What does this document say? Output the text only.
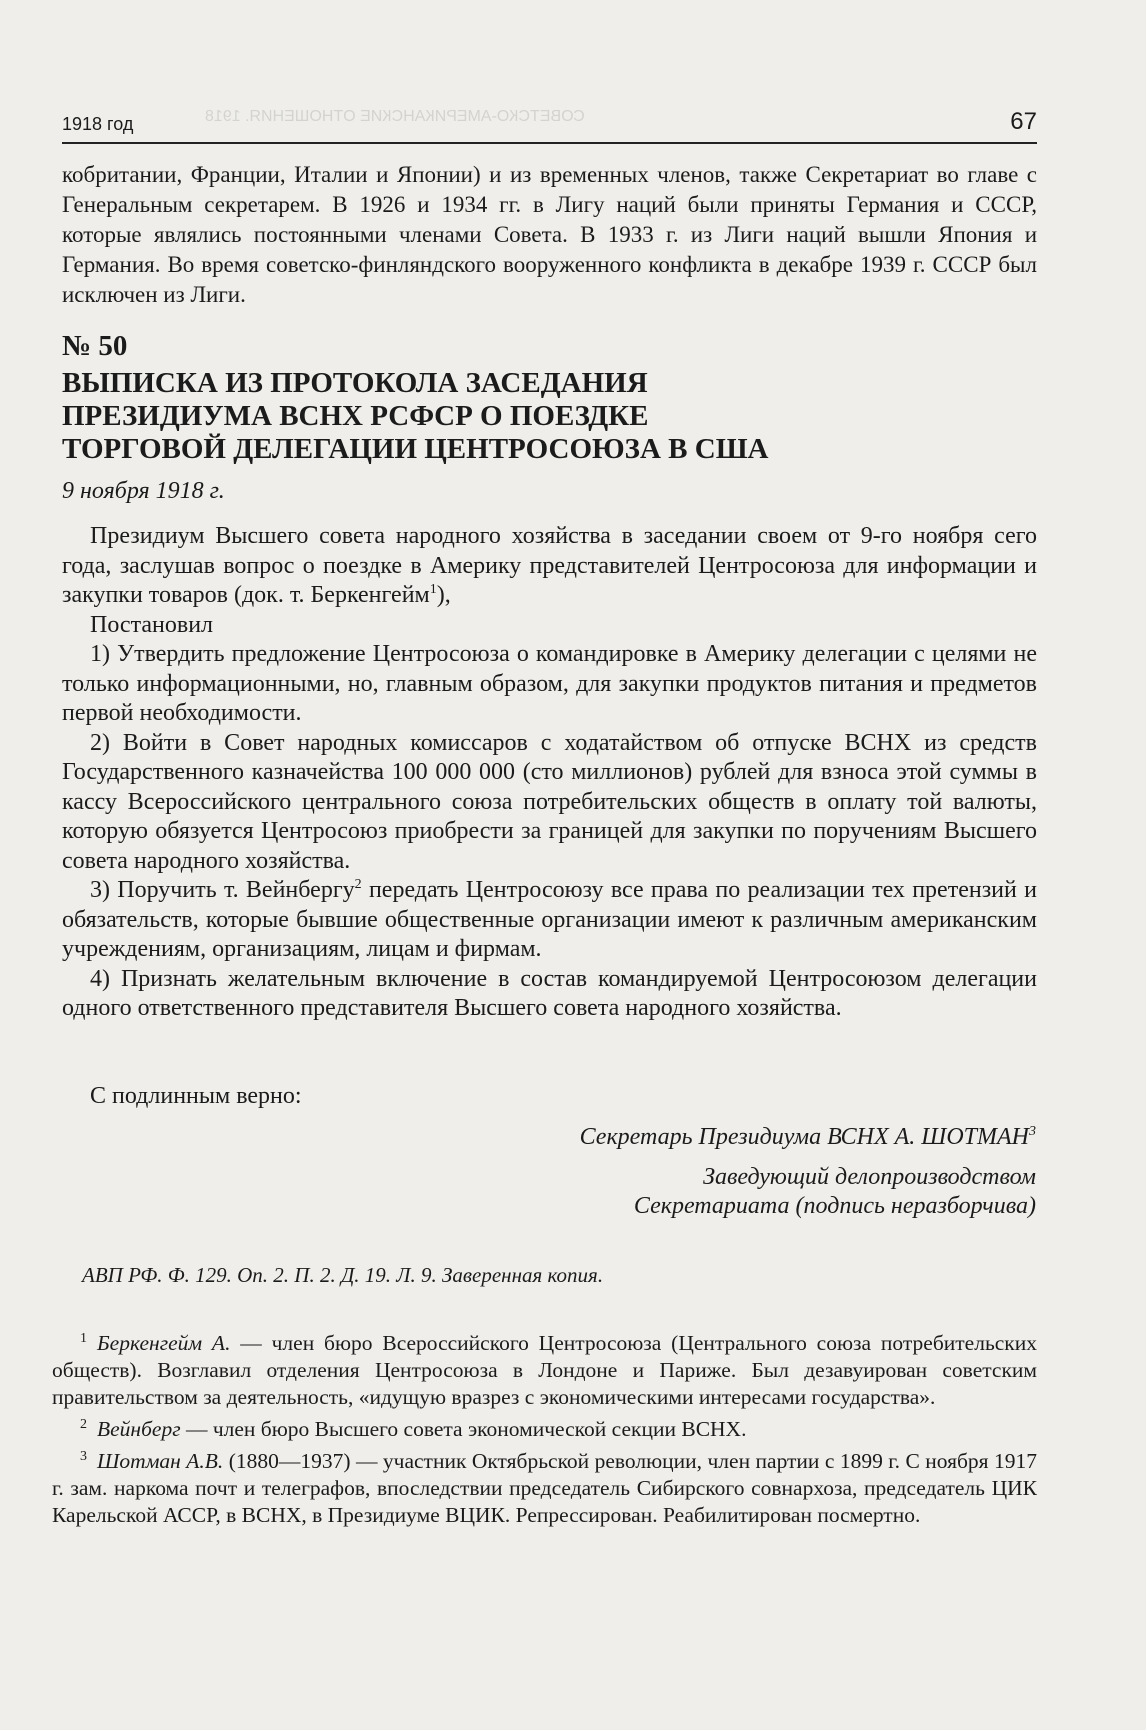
СОВЕТСКО-АМЕРИКАНСКИЕ ОТНОШЕНИЯ. 1918
1918 год	67
кобритании, Франции, Италии и Японии) и из временных членов, также Секретариат во главе с Генеральным секретарем. В 1926 и 1934 гг. в Лигу наций были приняты Германия и СССР, которые являлись постоянными членами Совета. В 1933 г. из Лиги наций вышли Япония и Германия. Во время советско-финляндского вооруженного конфликта в декабре 1939 г. СССР был исключен из Лиги.
№ 50
ВЫПИСКА ИЗ ПРОТОКОЛА ЗАСЕДАНИЯ
ПРЕЗИДИУМА ВСНХ РСФСР О ПОЕЗДКЕ
ТОРГОВОЙ ДЕЛЕГАЦИИ ЦЕНТРОСОЮЗА В США
9 ноября 1918 г.

Президиум Высшего совета народного хозяйства в заседании своем от 9-го ноября сего года, заслушав вопрос о поездке в Америку представителей Центросоюза для информации и закупки товаров (док. т. Беркенгейм$^1$),

Постановил

1) Утвердить предложение Центросоюза о командировке в Америку делегации с целями не только информационными, но, главным образом, для закупки продуктов питания и предметов первой необходимости.

2) Войти в Совет народных комиссаров с ходатайством об отпуске ВСНХ из средств Государственного казначейства 100 000 000 (сто миллионов) рублей для взноса этой суммы в кассу Всероссийского центрального союза потребительских обществ в оплату той валюты, которую обязуется Центросоюз приобрести за границей для закупки по поручениям Высшего совета народного хозяйства.

3) Поручить т. Вейнбергу$^2$ передать Центросоюзу все права по реализации тех претензий и обязательств, которые бывшие общественные организации имеют к различным американским учреждениям, организациям, лицам и фирмам.

4) Признать желательным включение в состав командируемой Центросоюзом делегации одного ответственного представителя Высшего совета народного хозяйства.

С подлинным верно:
Секретарь Президиума ВСНХ А. ШОТМАН$^3$
Заведующий делопроизводством
Секретариата (подпись неразборчива)
АВП РФ. Ф. 129. Оп. 2. П. 2. Д. 19. Л. 9. Заверенная копия.

$^1$ Беркенгейм А. — член бюро Всероссийского Центросоюза (Центрального союза потребительских обществ). Возглавил отделения Центросоюза в Лондоне и Париже. Был дезавуирован советским правительством за деятельность, «идущую вразрез с экономическими интересами государства».

$^2$ Вейнберг — член бюро Высшего совета экономической секции ВСНХ.

$^3$ Шотман А.В. (1880—1937) — участник Октябрьской революции, член партии с 1899 г. С ноября 1917 г. зам. наркома почт и телеграфов, впоследствии председатель Сибирского совнархоза, председатель ЦИК Карельской АССР, в ВСНХ, в Президиуме ВЦИК. Репрессирован. Реабилитирован посмертно.
